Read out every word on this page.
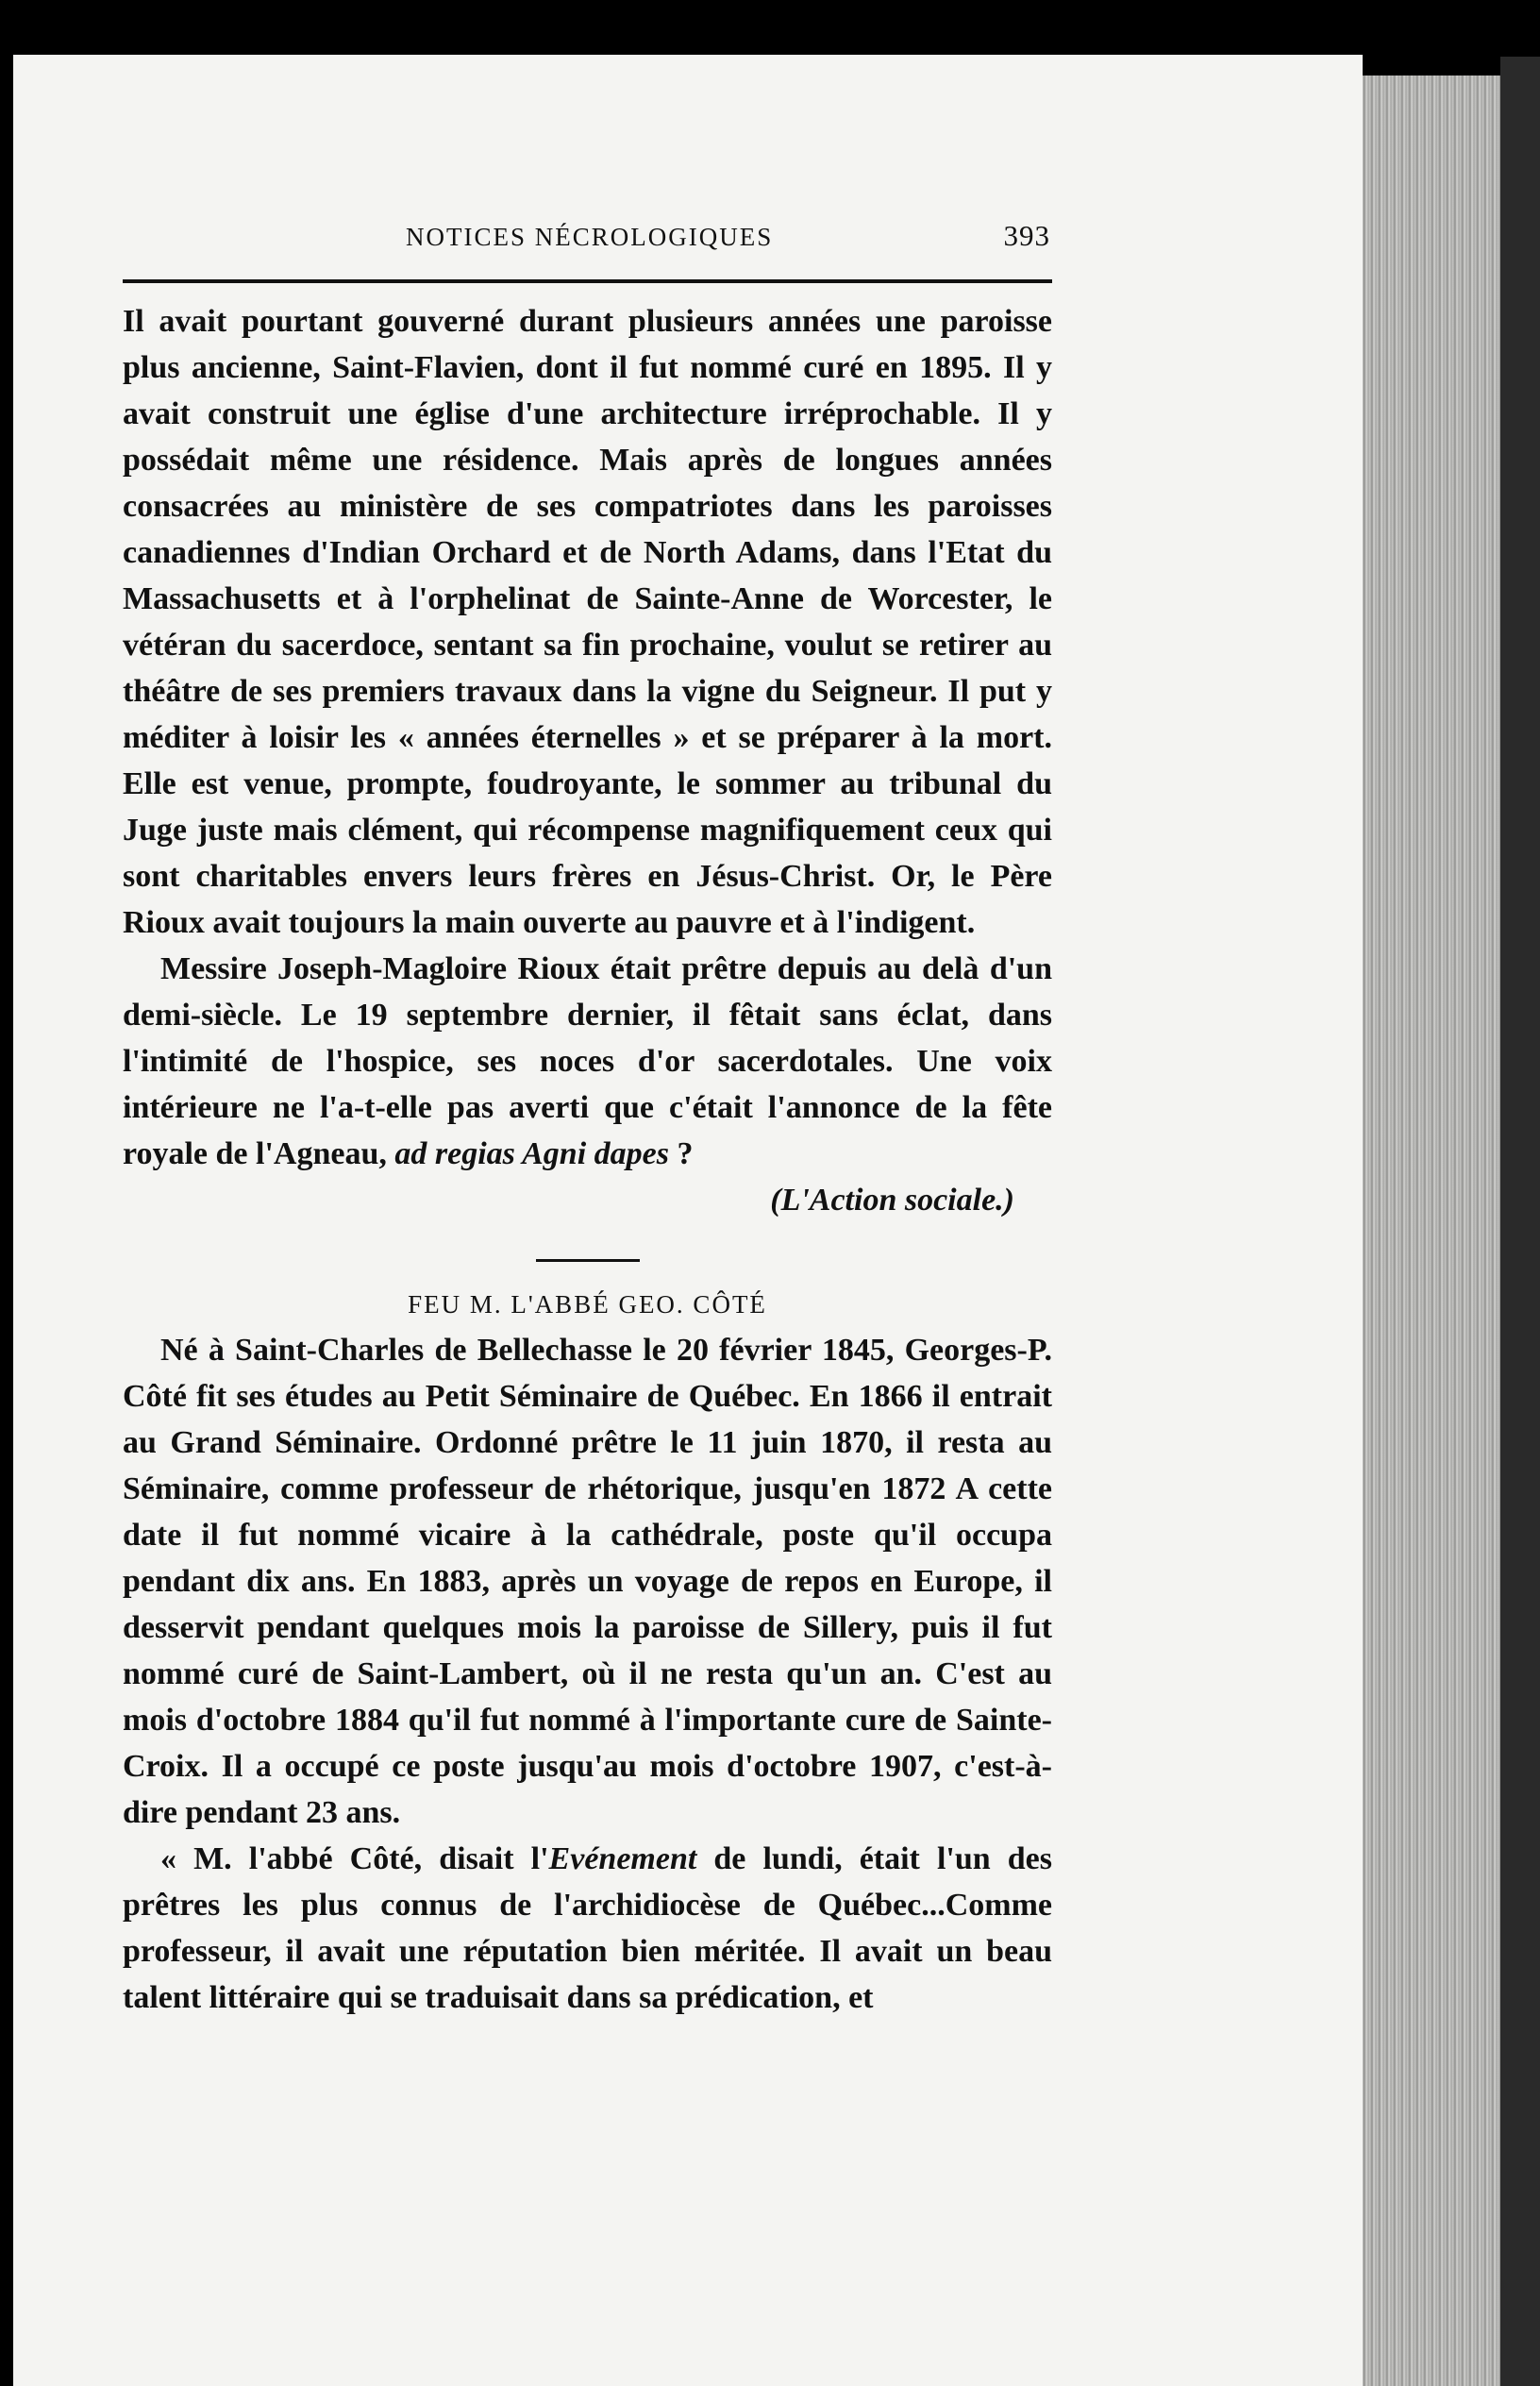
NOTICES NÉCROLOGIQUES	393

Il avait pourtant gouverné durant plusieurs années une paroisse plus ancienne, Saint-Flavien, dont il fut nommé curé en 1895. Il y avait construit une église d'une architecture irréprochable. Il y possédait même une résidence. Mais après de longues années consacrées au ministère de ses compatriotes dans les paroisses canadiennes d'Indian Orchard et de North Adams, dans l'Etat du Massachusetts et à l'orphelinat de Sainte-Anne de Worcester, le vétéran du sacerdoce, sentant sa fin prochaine, voulut se retirer au théâtre de ses premiers travaux dans la vigne du Seigneur. Il put y méditer à loisir les « années éternelles » et se préparer à la mort. Elle est venue, prompte, foudroyante, le sommer au tribunal du Juge juste mais clément, qui récompense magnifiquement ceux qui sont charitables envers leurs frères en Jésus-Christ. Or, le Père Rioux avait toujours la main ouverte au pauvre et à l'indigent.

Messire Joseph-Magloire Rioux était prêtre depuis au delà d'un demi-siècle. Le 19 septembre dernier, il fêtait sans éclat, dans l'intimité de l'hospice, ses noces d'or sacerdotales. Une voix intérieure ne l'a-t-elle pas averti que c'était l'annonce de la fête royale de l'Agneau, ad regias Agni dapes ?

(L'Action sociale.)
FEU M. L'ABBÉ GEO. CÔTÉ

Né à Saint-Charles de Bellechasse le 20 février 1845, Georges-P. Côté fit ses études au Petit Séminaire de Québec. En 1866 il entrait au Grand Séminaire. Ordonné prêtre le 11 juin 1870, il resta au Séminaire, comme professeur de rhétorique, jusqu'en 1872 A cette date il fut nommé vicaire à la cathédrale, poste qu'il occupa pendant dix ans. En 1883, après un voyage de repos en Europe, il desservit pendant quelques mois la paroisse de Sillery, puis il fut nommé curé de Saint-Lambert, où il ne resta qu'un an. C'est au mois d'octobre 1884 qu'il fut nommé à l'importante cure de Sainte-Croix. Il a occupé ce poste jusqu'au mois d'octobre 1907, c'est-à-dire pendant 23 ans.

« M. l'abbé Côté, disait l'Evénement de lundi, était l'un des prêtres les plus connus de l'archidiocèse de Québec...Comme professeur, il avait une réputation bien méritée. Il avait un beau talent littéraire qui se traduisait dans sa prédication, et
